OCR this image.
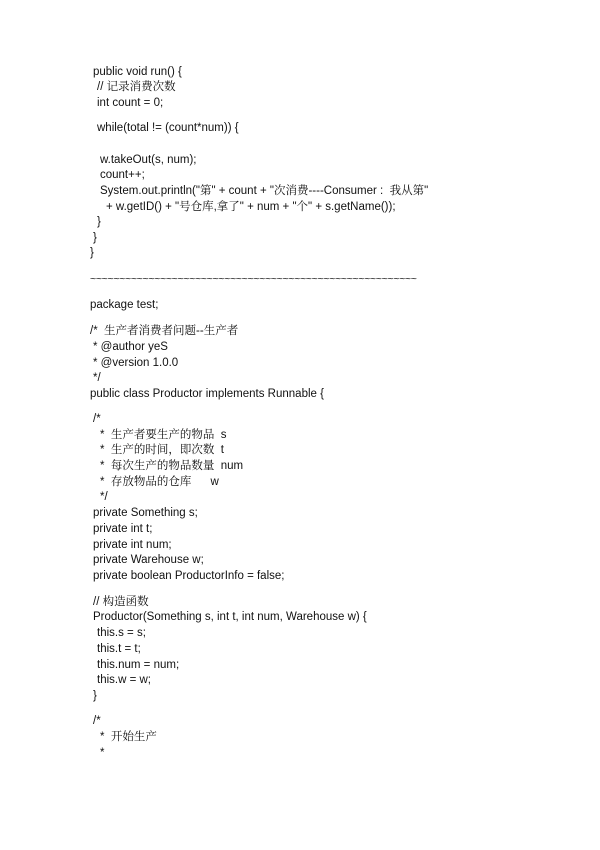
public void run() {
// 记录消费次数
int count = 0;
while(total != (count*num)) {
w.takeOut(s, num);
count++;
System.out.println("第" + count + "次消费----Consumer :  我从第"
+ w.getID() + "号仓库,拿了" + num + "个" + s.getName());
}
}
}
~~~~~~~~~~~~~~~~~~~~~~~~~~~~~~~~~~~~~~~~~~~~~~~~~~~~~~~~
package test;
/*  生产者消费者问题--生产者
* @author yeS
* @version 1.0.0
*/
public class Productor implements Runnable {
/*
*  生产者要生产的物品  s
*  生产的时间，即次数  t
*  每次生产的物品数量  num
*  存放物品的仓库      w
*/
private Something s;
private int t;
private int num;
private Warehouse w;
private boolean ProductorInfo = false;
// 构造函数
Productor(Something s, int t, int num, Warehouse w) {
this.s = s;
this.t = t;
this.num = num;
this.w = w;
}
/*
*  开始生产
*
